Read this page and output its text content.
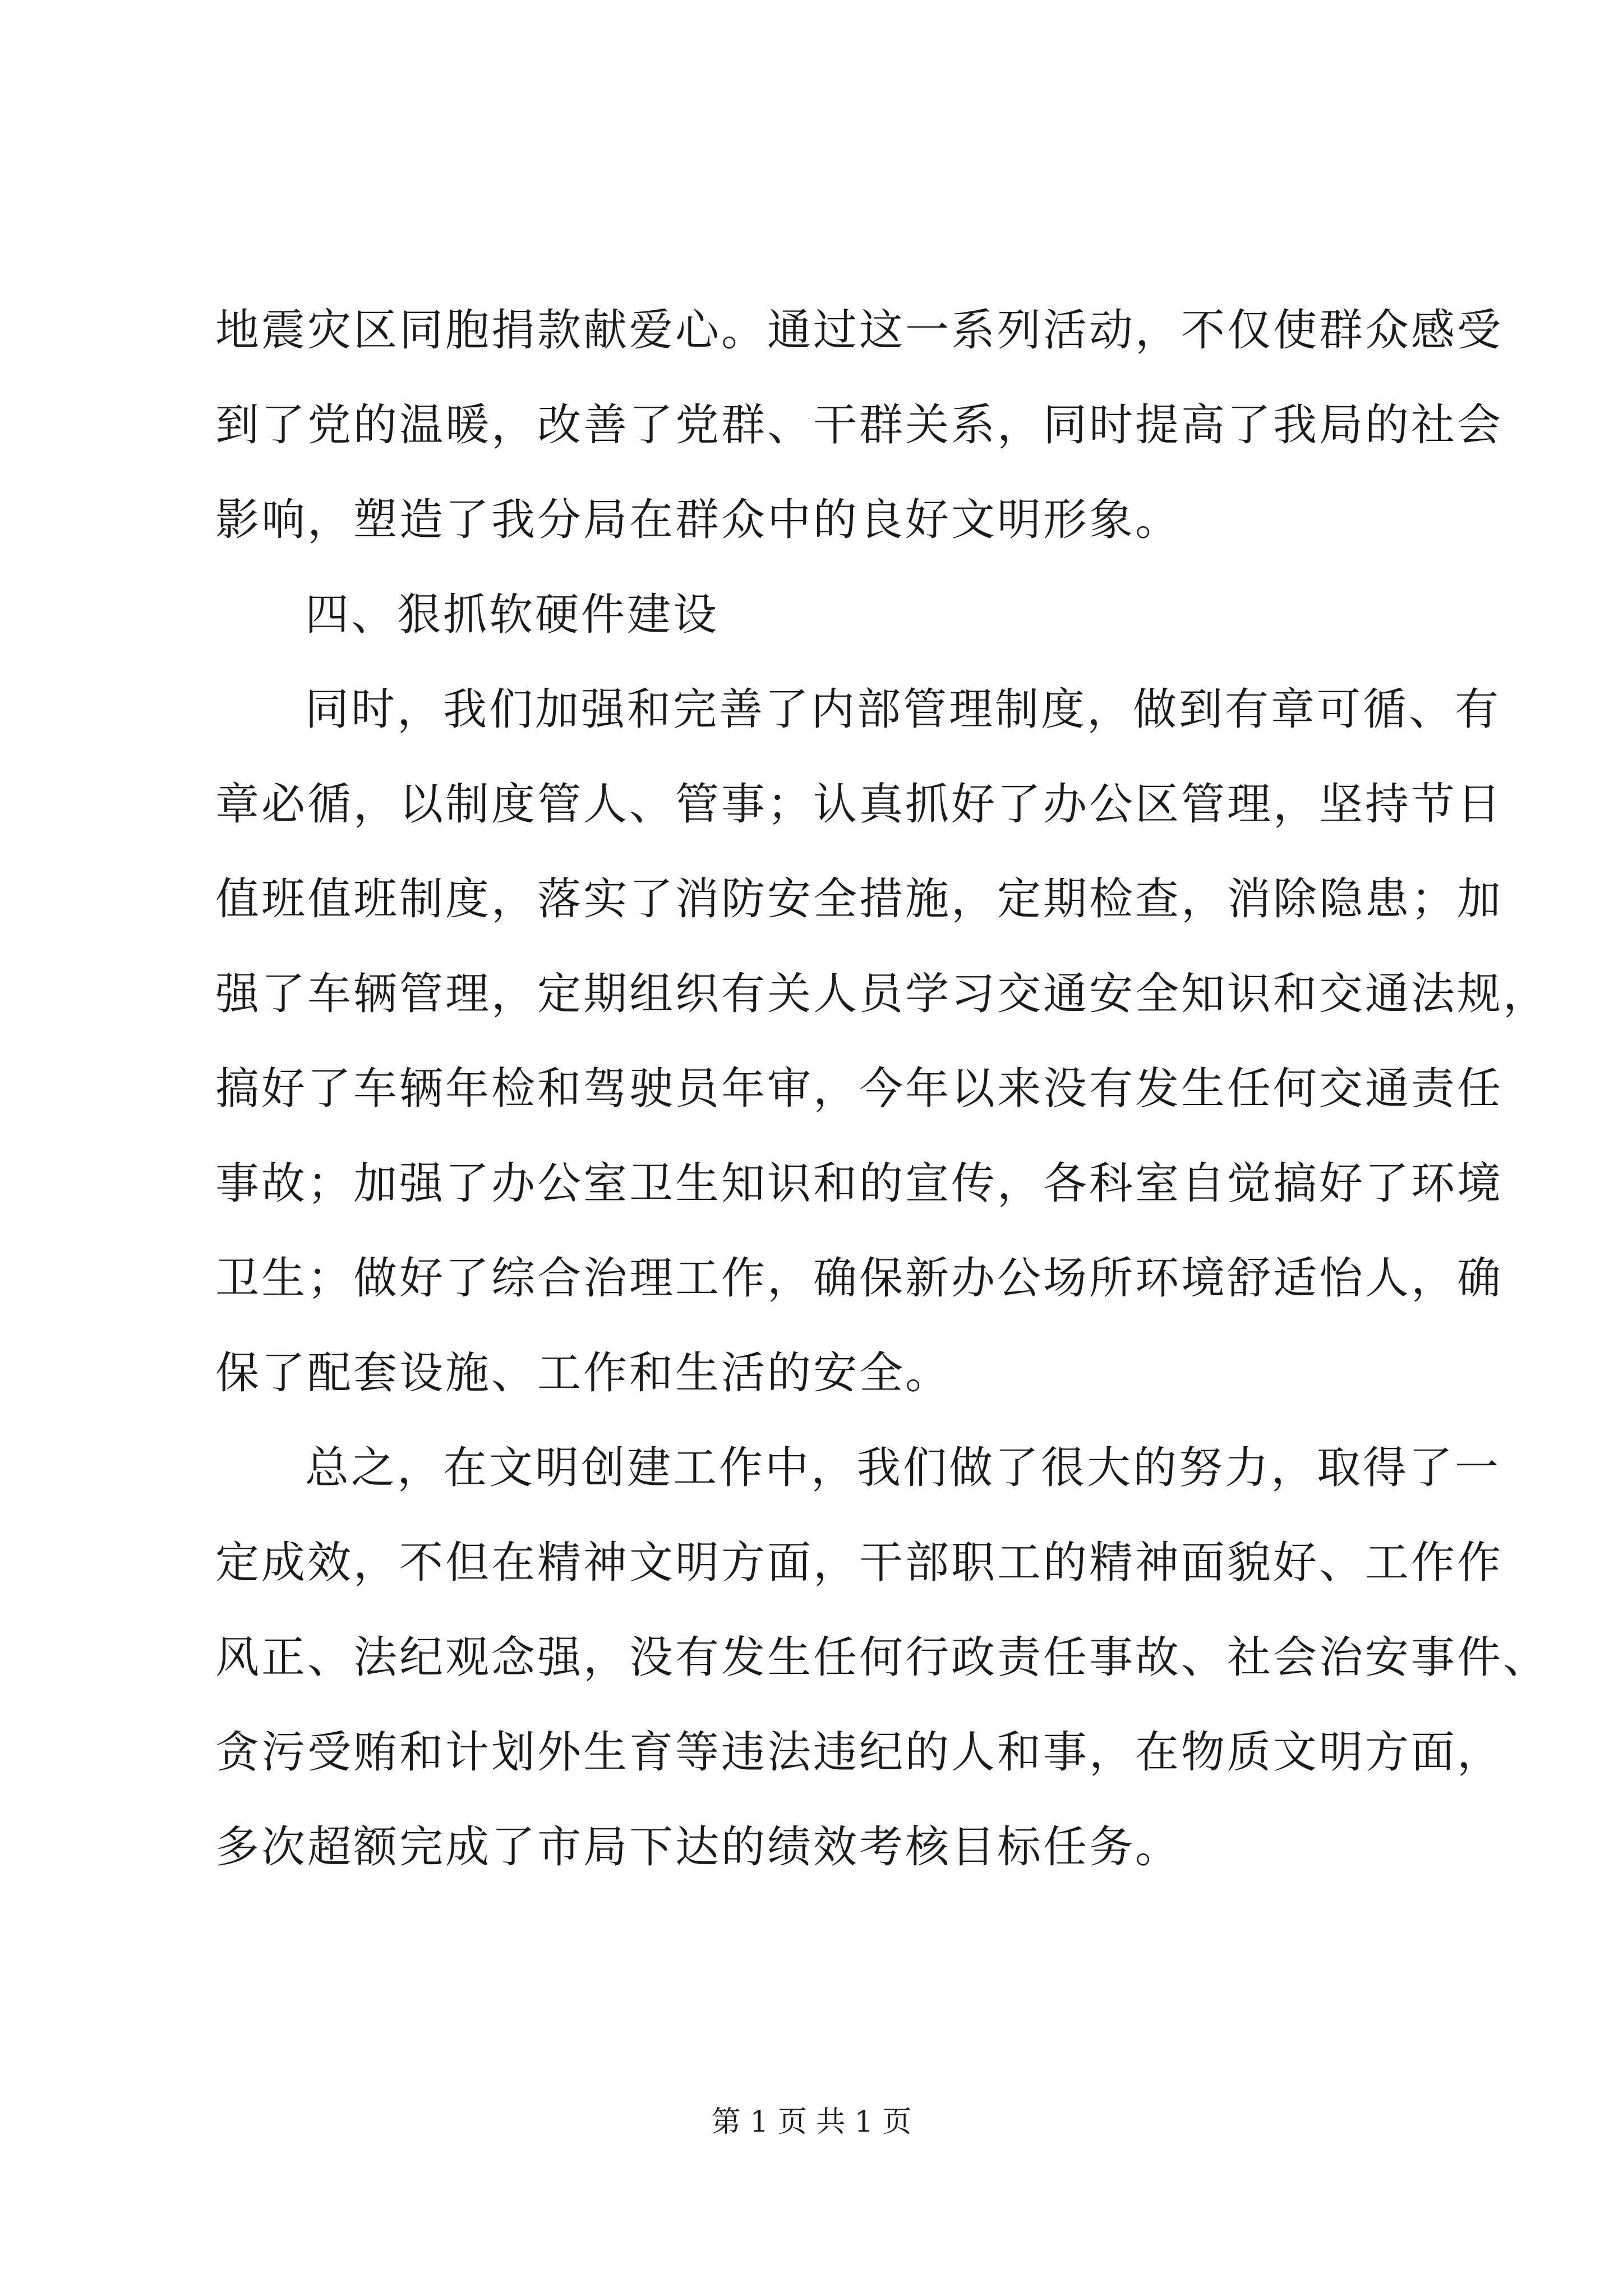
地震灾区同胞捐款献爱心。通过这一系列活动，不仅使群众感受
到了党的温暖，改善了党群、干群关系，同时提高了我局的社会
影响，塑造了我分局在群众中的良好文明形象。
四、狠抓软硬件建设
同时，我们加强和完善了内部管理制度，做到有章可循、有
章必循，以制度管人、管事；认真抓好了办公区管理，坚持节日
值班值班制度，落实了消防安全措施，定期检查，消除隐患；加
强了车辆管理，定期组织有关人员学习交通安全知识和交通法规，
搞好了车辆年检和驾驶员年审，今年以来没有发生任何交通责任
事故；加强了办公室卫生知识和的宣传，各科室自觉搞好了环境
卫生；做好了综合治理工作，确保新办公场所环境舒适怡人，确
保了配套设施、工作和生活的安全。
总之，在文明创建工作中，我们做了很大的努力，取得了一
定成效，不但在精神文明方面，干部职工的精神面貌好、工作作
风正、法纪观念强，没有发生任何行政责任事故、社会治安事件、
贪污受贿和计划外生育等违法违纪的人和事，在物质文明方面，
多次超额完成了市局下达的绩效考核目标任务。
第 1 页 共 1 页
